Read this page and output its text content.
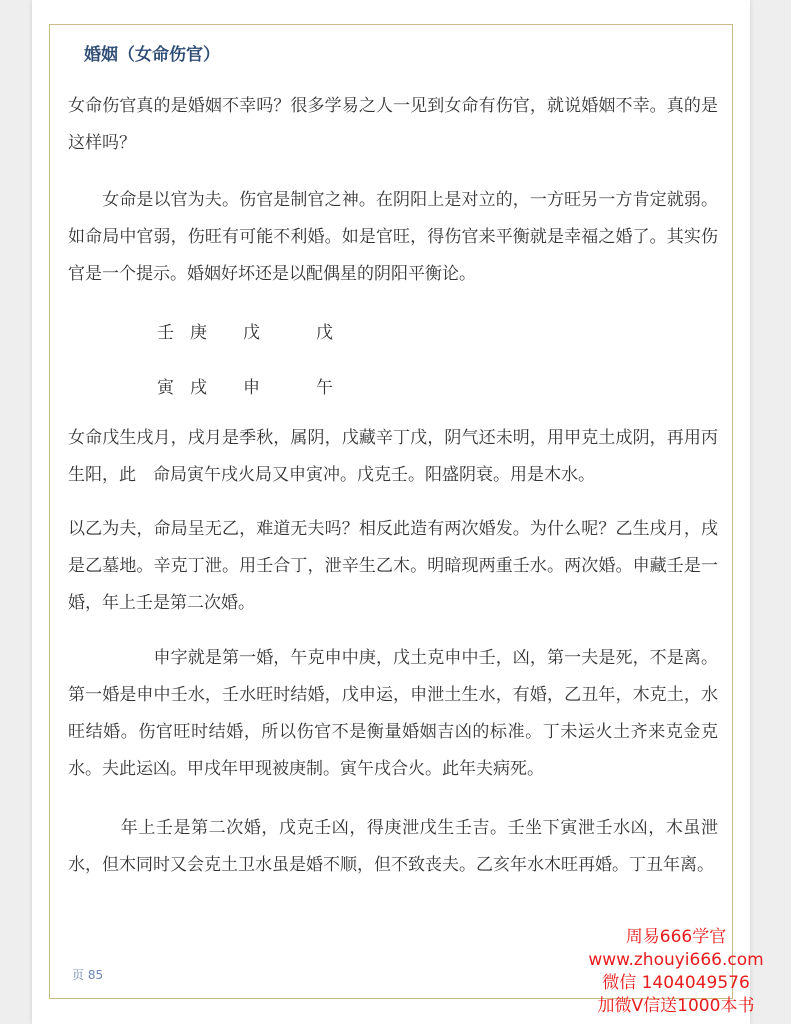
婚姻（女命伤官）

女命伤官真的是婚姻不幸吗？很多学易之人一见到女命有伤官，就说婚姻不幸。真的是这样吗？

　　女命是以官为夫。伤官是制官之神。在阴阳上是对立的，一方旺另一方肯定就弱。如命局中官弱，伤旺有可能不利婚。如是官旺，得伤官来平衡就是幸福之婚了。其实伤官是一个提示。婚姻好坏还是以配偶星的阴阳平衡论。

壬 庚 戊	戊
寅 戌 申	午

女命戊生戌月，戌月是季秋，属阴，戊藏辛丁戊，阴气还未明，用甲克土成阴，再用丙生阳，此　命局寅午戌火局又申寅冲。戊克壬。阳盛阴衰。用是木水。

以乙为夫，命局呈无乙，难道无夫吗？相反此造有两次婚发。为什么呢？乙生戌月，戌是乙墓地。辛克丁泄。用壬合丁，泄辛生乙木。明暗现两重壬水。两次婚。申藏壬是一婚，年上壬是第二次婚。

　　　　　申字就是第一婚，午克申中庚，戊土克申中壬，凶，第一夫是死，不是离。第一婚是申中壬水，壬水旺时结婚，戊申运，申泄土生水，有婚，乙丑年，木克土，水旺结婚。伤官旺时结婚，所以伤官不是衡量婚姻吉凶的标准。丁未运火土齐来克金克水。夫此运凶。甲戌年甲现被庚制。寅午戌合火。此年夫病死。

　　　年上壬是第二次婚，戊克壬凶，得庚泄戊生壬吉。壬坐下寅泄壬水凶，木虽泄水，但木同时又会克土卫水虽是婚不顺，但不致丧夫。乙亥年水木旺再婚。丁丑年离。

页 85
周易666学官
www.zhouyi666.com
微信 1404049576
加微V信送1000本书
